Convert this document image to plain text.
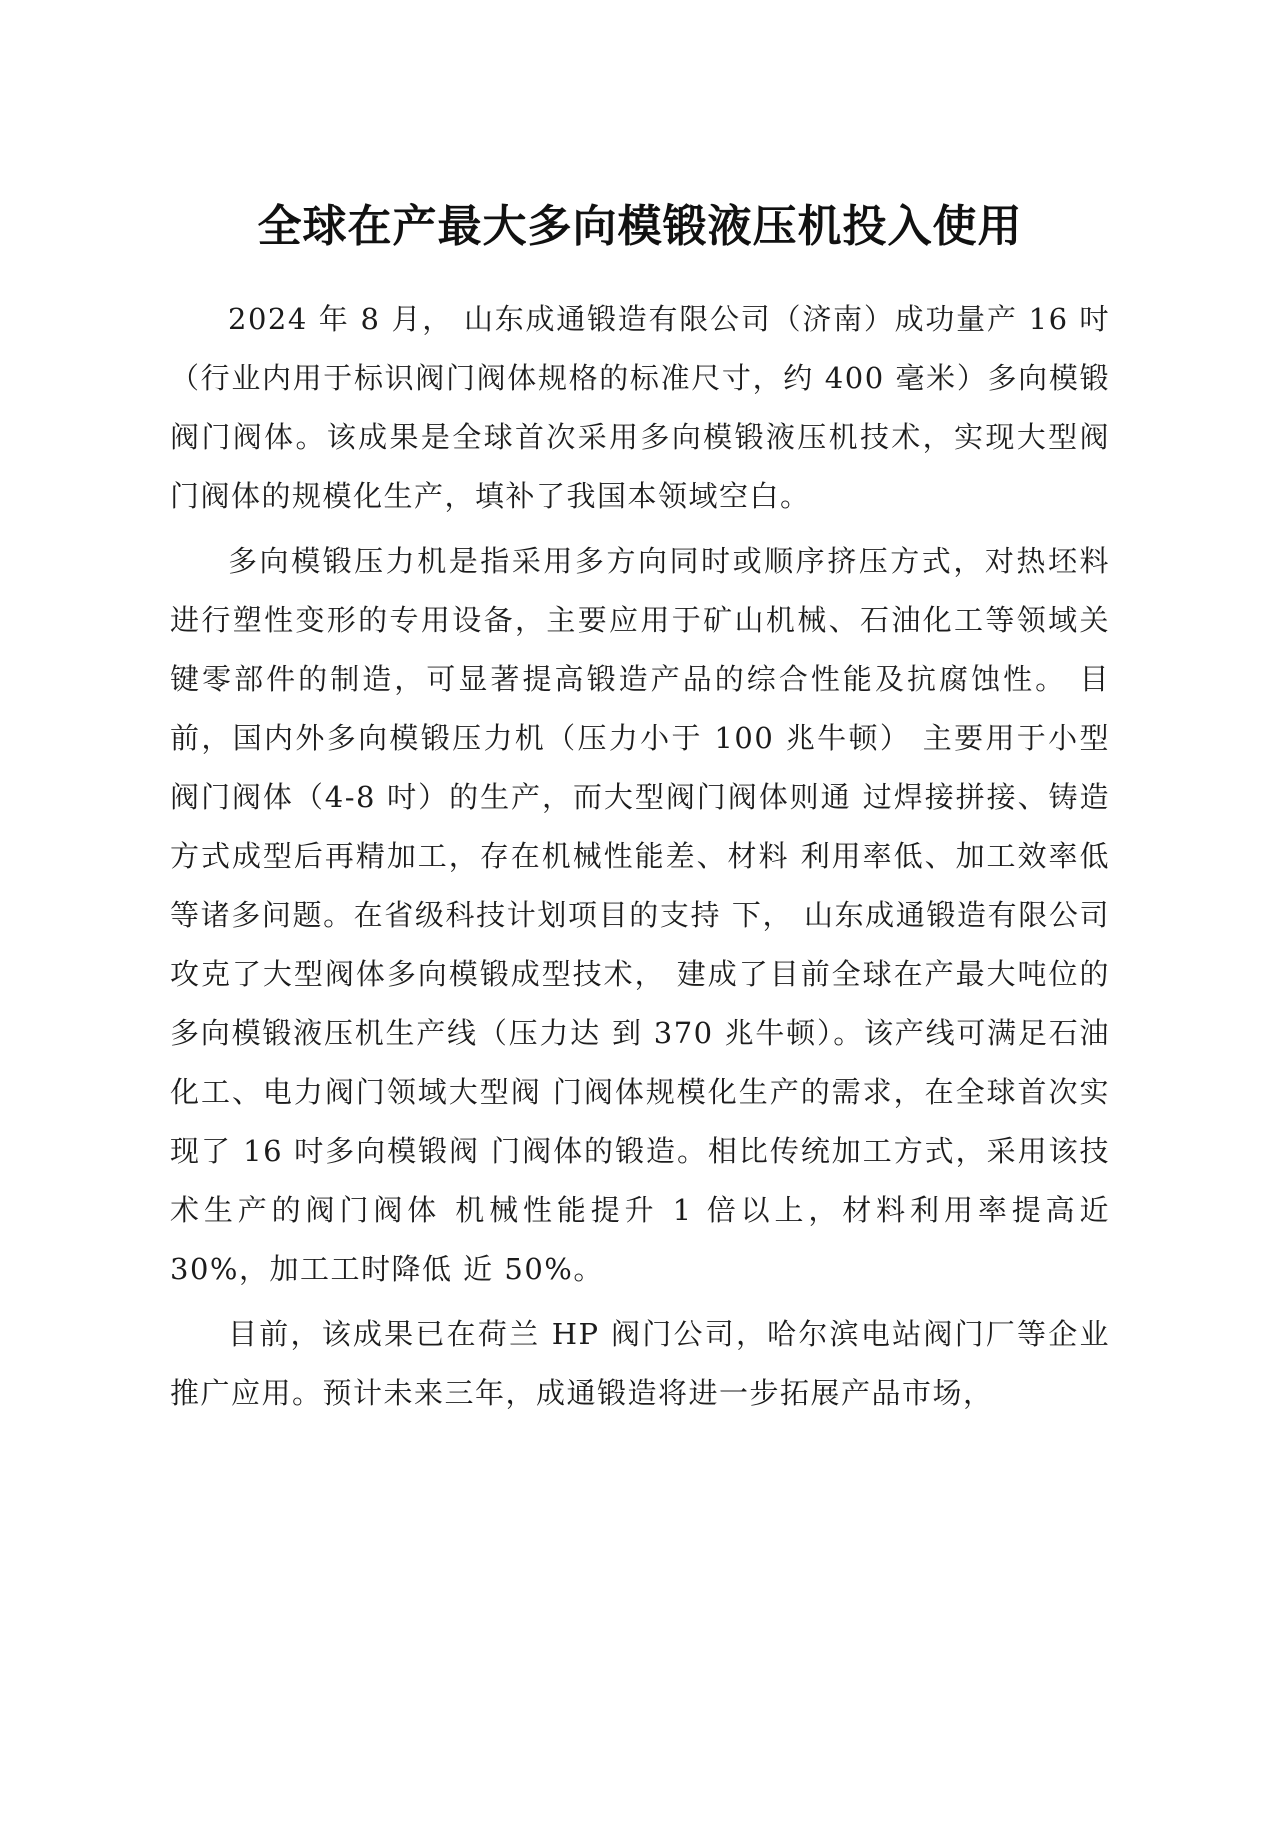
全球在产最大多向模锻液压机投入使用

2024 年 8 月， 山东成通锻造有限公司（济南）成功量产 16 吋（行业内用于标识阀门阀体规格的标准尺寸，约 400 毫米）多向模锻阀门阀体。该成果是全球首次采用多向模锻液压机技术，实现大型阀门阀体的规模化生产，填补了我国本领域空白。

多向模锻压力机是指采用多方向同时或顺序挤压方式，对热坯料进行塑性变形的专用设备，主要应用于矿山机械、石油化工等领域关键零部件的制造，可显著提高锻造产品的综合性能及抗腐蚀性。 目前，国内外多向模锻压力机（压力小于 100 兆牛顿） 主要用于小型阀门阀体（4-8 吋）的生产，而大型阀门阀体则通 过焊接拼接、铸造方式成型后再精加工，存在机械性能差、材料 利用率低、加工效率低等诸多问题。在省级科技计划项目的支持 下， 山东成通锻造有限公司攻克了大型阀体多向模锻成型技术， 建成了目前全球在产最大吨位的多向模锻液压机生产线（压力达 到 370 兆牛顿）。该产线可满足石油化工、电力阀门领域大型阀 门阀体规模化生产的需求，在全球首次实现了 16 吋多向模锻阀 门阀体的锻造。相比传统加工方式，采用该技术生产的阀门阀体 机械性能提升 1 倍以上，材料利用率提高近 30%，加工工时降低 近 50%。

目前，该成果已在荷兰 HP 阀门公司，哈尔滨电站阀门厂等企业推广应用。预计未来三年，成通锻造将进一步拓展产品市场，
